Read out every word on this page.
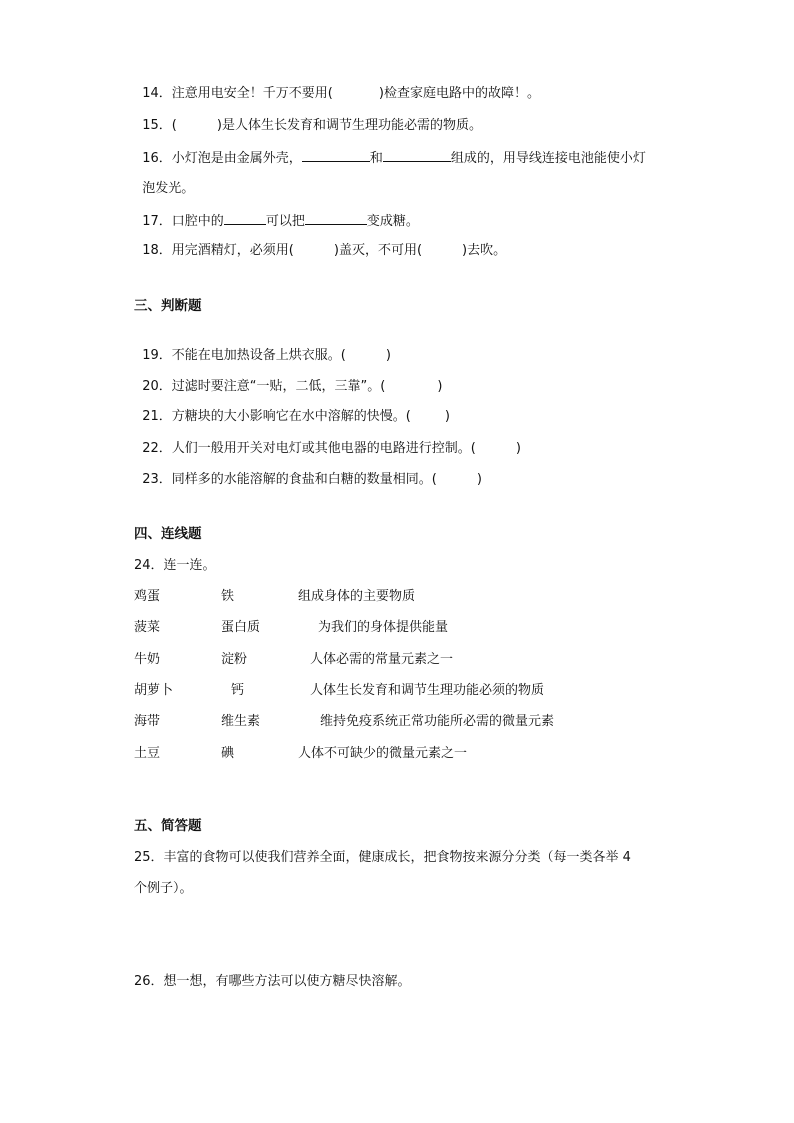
14．注意用电安全！千万不要用(	)检查家庭电路中的故障！。

15．(	)是人体生长发育和调节生理功能必需的物质。

16．小灯泡是由金属外壳，	和	组成的，用导线连接电池能使小灯

泡发光。

17．口腔中的	可以把	变成糖。

18．用完酒精灯，必须用(	)盖灭，不可用(	)去吹。

三、判断题

19．不能在电加热设备上烘衣服。(	)

20．过滤时要注意“一贴，二低，三靠”。(	)

21．方糖块的大小影响它在水中溶解的快慢。(	)

22．人们一般用开关对电灯或其他电器的电路进行控制。(	)

23．同样多的水能溶解的食盐和白糖的数量相同。(	)

四、连线题
24．连一连。
鸡蛋	铁	组成身体的主要物质
菠菜	蛋白质	为我们的身体提供能量
牛奶	淀粉	人体必需的常量元素之一
胡萝卜	钙	人体生长发育和调节生理功能必须的物质
海带	维生素	维持免疫系统正常功能所必需的微量元素
土豆	碘	人体不可缺少的微量元素之一
五、简答题
25．丰富的食物可以使我们营养全面，健康成长，把食物按来源分分类（每一类各举 4
个例子）。
26．想一想，有哪些方法可以使方糖尽快溶解。
